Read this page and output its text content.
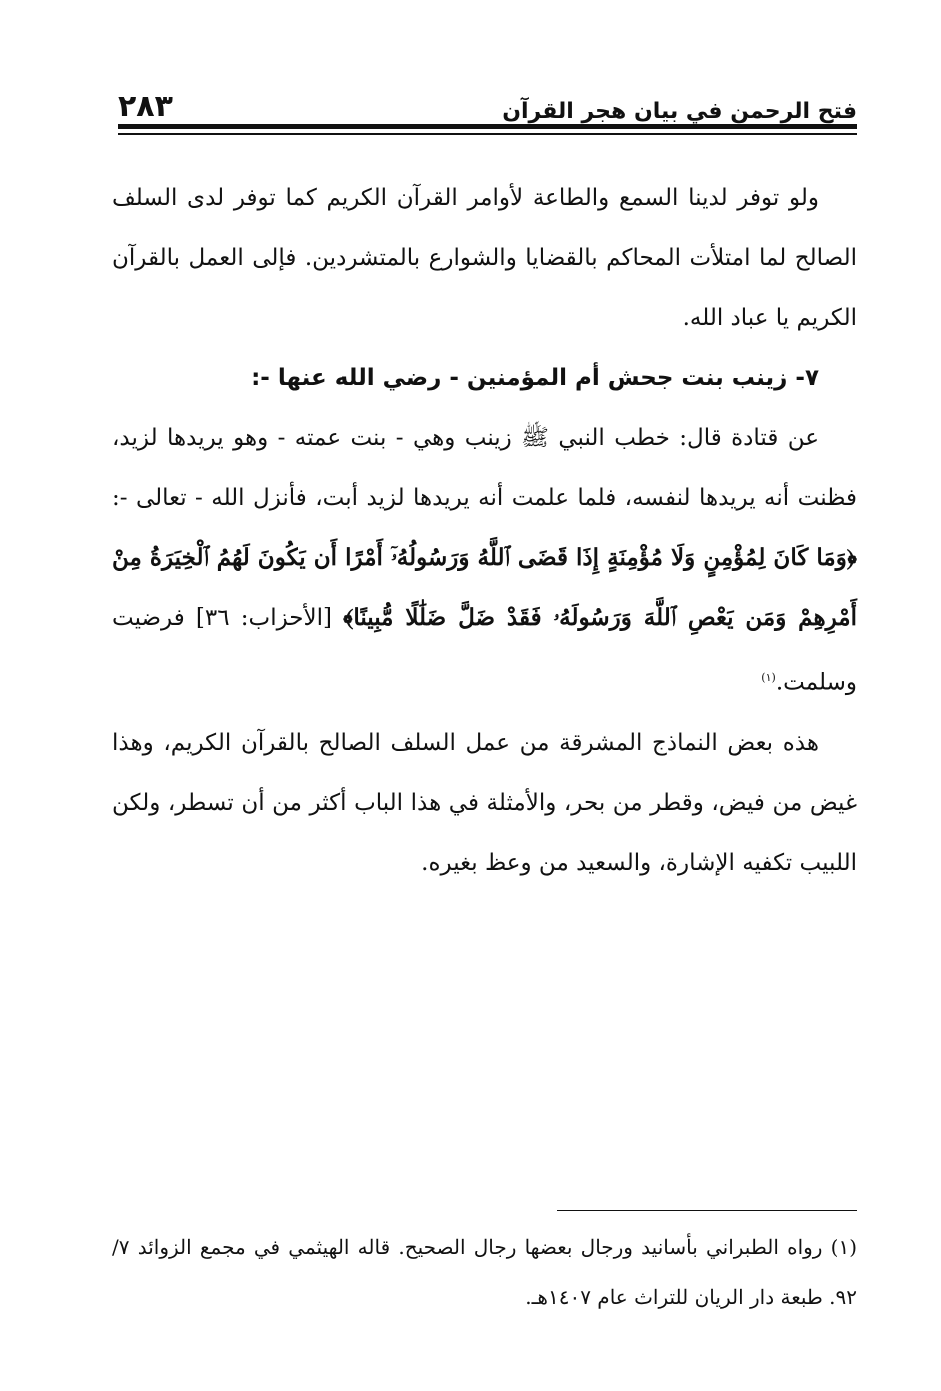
فتح الرحمن في بيان هجر القرآن
٢٨٣

ولو توفر لدينا السمع والطاعة لأوامر القرآن الكريم كما توفر لدى السلف الصالح لما امتلأت المحاكم بالقضايا والشوارع بالمتشردين. فإلى العمل بالقرآن الكريم يا عباد الله.

٧- زينب بنت جحش أم المؤمنين - رضي الله عنها -:

عن قتادة قال: خطب النبي ﷺ زينب وهي - بنت عمته - وهو يريدها لزيد، فظنت أنه يريدها لنفسه، فلما علمت أنه يريدها لزيد أبت، فأنزل الله - تعالى -: ﴿وَمَا كَانَ لِمُؤْمِنٍ وَلَا مُؤْمِنَةٍ إِذَا قَضَى ٱللَّهُ وَرَسُولُهُۥٓ أَمْرًا أَن يَكُونَ لَهُمُ ٱلْخِيَرَةُ مِنْ أَمْرِهِمْ وَمَن يَعْصِ ٱللَّهَ وَرَسُولَهُۥ فَقَدْ ضَلَّ ضَلَٰلًا مُّبِينًا﴾ [الأحزاب: ٣٦] فرضيت وسلمت.$^{(١)}$

هذه بعض النماذج المشرقة من عمل السلف الصالح بالقرآن الكريم، وهذا غيض من فيض، وقطر من بحر، والأمثلة في هذا الباب أكثر من أن تسطر، ولكن اللبيب تكفيه الإشارة، والسعيد من وعظ بغيره.

(١) رواه الطبراني بأسانيد ورجال بعضها رجال الصحيح. قاله الهيثمي في مجمع الزوائد ٧/ ٩٢. طبعة دار الريان للتراث عام ١٤٠٧هـ.
